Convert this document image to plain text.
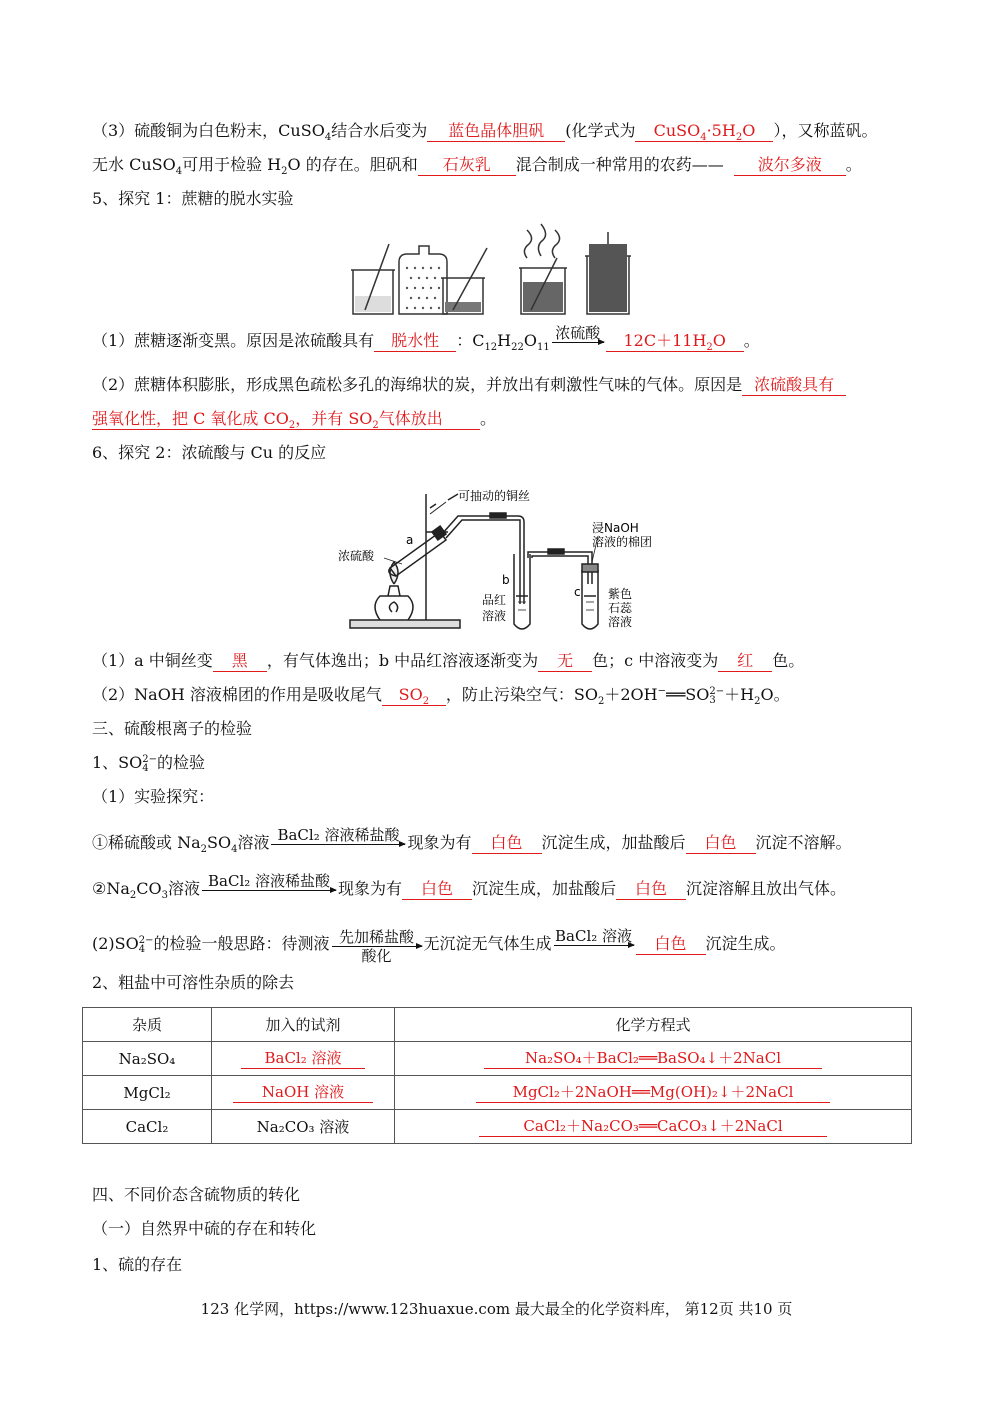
（3）硫酸铜为白色粉末，CuSO$_4$结合水后变为 蓝色晶体胆矾 (化学式为 $CuSO_4\cdot 5H_2O$ ），又称蓝矾。
无水 CuSO$_4$可用于检验 $H_2O$ 的存在。胆矾和 石灰乳 混合制成一种常用的农药—— 波尔多液 。
5、探究 1：蔗糖的脱水实验
（1）蔗糖逐渐变黑。原因是浓硫酸具有 脱水性 ：$C_{12}H_{22}O_{11}$
浓硫酸 $12C+11H_2O$ 。
（2）蔗糖体积膨胀，形成黑色疏松多孔的海绵状的炭，并放出有刺激性气味的气体。原因是 浓硫酸具有
强氧化性，把 C 氧化成 $CO_2$，并有 $SO_2$气体放出 。
6、探究 2：浓硫酸与 Cu 的反应
可抽动的铜丝
浸NaOH
溶液的棉团
浓硫酸
a
b
c
品红
溶液
紫色
石蕊
溶液
（1）a 中铜丝变 黑 ，有气体逸出；b 中品红溶液逐渐变为 无 色；c 中溶液变为 红 色。
（2）NaOH 溶液棉团的作用是吸收尾气 $SO_2$ ，防止污染空气：$SO_2+2OH^-══SO$ 2−
$3 +H_2O$。
三、硫酸根离子的检验
1、SO 2−
4 的检验
（1）实验探究：
①稀硫酸或 $Na_2SO_4$溶液 BaCl₂ 溶液稀盐酸 现象为有 白色 沉淀生成，加盐酸后 白色 沉淀不溶解。
$②Na_2CO_3$溶液 BaCl₂ 溶液稀盐酸 现象为有 白色 沉淀生成，加盐酸后 白色 沉淀溶解且放出气体。
(2)SO 2−
4 的检验一般思路：待测液 先加稀盐酸
酸化
无沉淀无气体生成 BaCl₂ 溶液 白色 沉淀生成。
2、粗盐中可溶性杂质的除去
杂质	加入的试剂	化学方程式
Na₂SO₄	BaCl₂ 溶液	Na₂SO₄＋BaCl₂══BaSO₄↓＋2NaCl
MgCl₂	NaOH 溶液	MgCl₂＋2NaOH══Mg(OH)₂↓＋2NaCl
CaCl₂	Na₂CO₃ 溶液	CaCl₂＋Na₂CO₃══CaCO₃↓＋2NaCl
四、不同价态含硫物质的转化
（一）自然界中硫的存在和转化
1、硫的存在
123 化学网，https://www.123huaxue.com 最大最全的化学资料库， 第12页 共10 页
